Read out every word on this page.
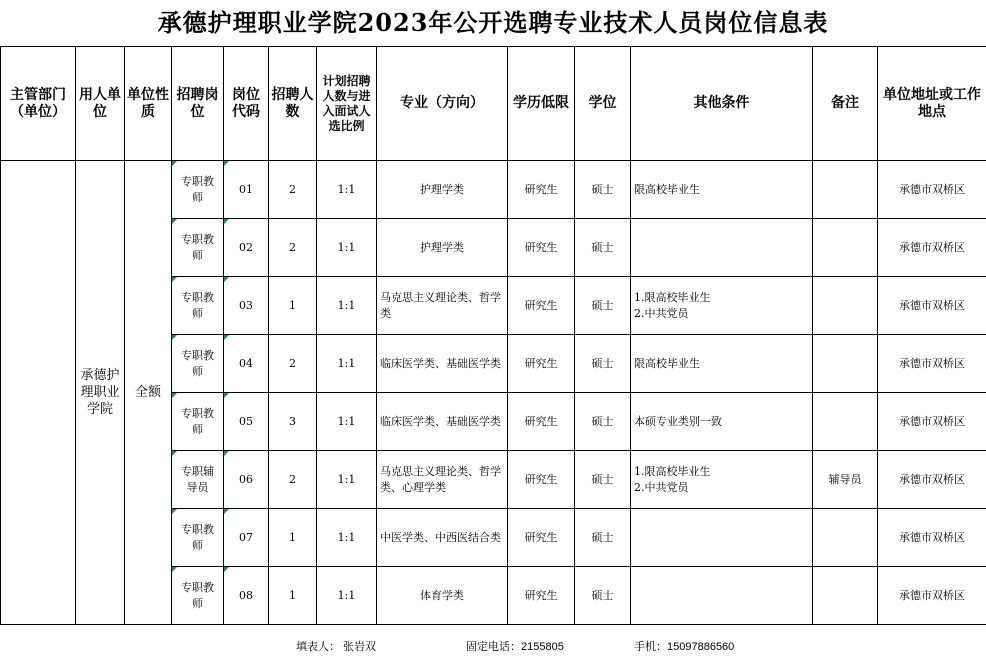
承德护理职业学院2023年公开选聘专业技术人员岗位信息表
主管部门（单位）	用人单位	单位性质	招聘岗位	岗位代码	招聘人数	计划招聘人数与进入面试人选比例	专业（方向）	学历低限	学位	其他条件	备注	单位地址或工作地点
	承德护理职业学院	全额	专职教师	01	2	1:1	护理学类	研究生	硕士	限高校毕业生		承德市双桥区
			专职教师	02	2	1:1	护理学类	研究生	硕士			承德市双桥区
			专职教师	03	1	1:1	马克思主义理论类、哲学类	研究生	硕士	1.限高校毕业生
2.中共党员		承德市双桥区
			专职教师	04	2	1:1	临床医学类、基础医学类	研究生	硕士	限高校毕业生		承德市双桥区
			专职教师	05	3	1:1	临床医学类、基础医学类	研究生	硕士	本硕专业类别一致		承德市双桥区
			专职辅导员	06	2	1:1	马克思主义理论类、哲学类、心理学类	研究生	硕士	1.限高校毕业生
2.中共党员	辅导员	承德市双桥区
			专职教师	07	1	1:1	中医学类、中西医结合类	研究生	硕士			承德市双桥区
			专职教师	08	1	1:1	体育学类	研究生	硕士			承德市双桥区
填表人： 张岩双	固定电话：2155805	手机：15097886560
